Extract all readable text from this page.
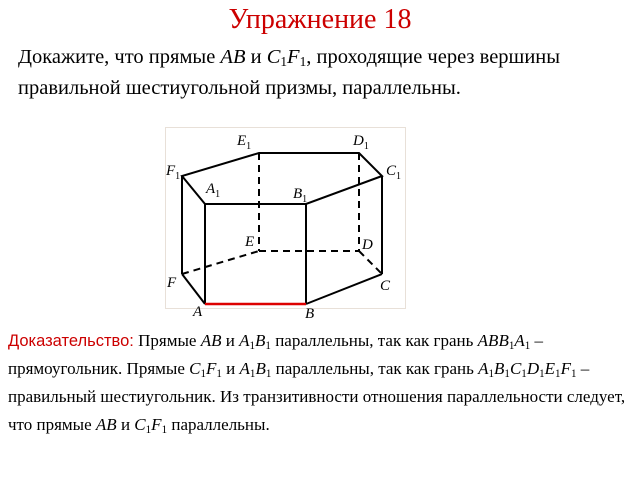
Упражнение 18
Докажите, что прямые AB и $C_1F_1$, проходящие через вершины правильной шестиугольной призмы, параллельны.
$E_1$	$D_1$
$F_1$	$C_1$
$A_1$	$B_1$
E	D
F	C
A	B
Доказательство: Прямые AB и $A_1B_1$ параллельны, так как грань $ABB_1A_1$ – прямоугольник. Прямые $C_1F_1$ и $A_1B_1$ параллельны, так как грань $A_1B_1C_1D_1E_1F_1$ – правильный шестиугольник. Из транзитивности отношения параллельности следует, что прямые AB и $C_1F_1$ параллельны.
